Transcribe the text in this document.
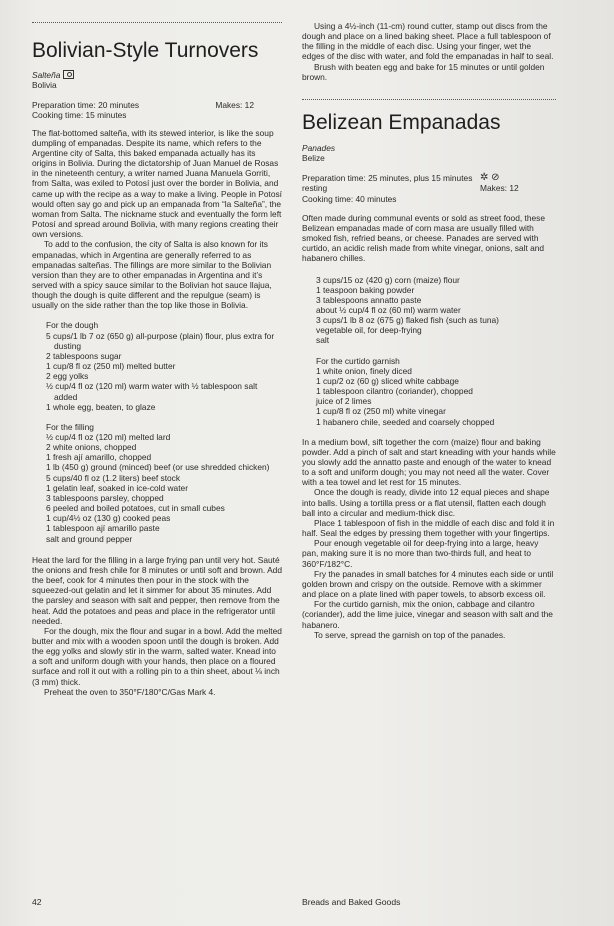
Bolivian-Style Turnovers
Salteña
Bolivia
Preparation time: 20 minutes	Makes: 12
Cooking time: 15 minutes

The flat-bottomed salteña, with its stewed interior, is like the soup dumpling of empanadas. Despite its name, which refers to the Argentine city of Salta, this baked empanada actually has its origins in Bolivia. During the dictatorship of Juan Manuel de Rosas in the nineteenth century, a writer named Juana Manuela Gorriti, from Salta, was exiled to Potosí just over the border in Bolivia, and came up with the recipe as a way to make a living. People in Potosí would often say go and pick up an empanada from “la Salteña”, the woman from Salta. The nickname stuck and eventually the form left Potosí and spread around Bolivia, with many regions creating their own versions.

To add to the confusion, the city of Salta is also known for its empanadas, which in Argentina are generally referred to as empanadas salteñas. The fillings are more similar to the Bolivian version than they are to other empanadas in Argentina and it’s served with a spicy sauce similar to the Bolivian hot sauce llajua, though the dough is quite different and the repulgue (seam) is usually on the side rather than the top like those in Bolivia.

For the dough
5 cups/1 lb 7 oz (650 g) all-purpose (plain) flour, plus extra for dusting
2 tablespoons sugar
1 cup/8 fl oz (250 ml) melted butter
2 egg yolks
½ cup/4 fl oz (120 ml) warm water with ½ tablespoon salt added
1 whole egg, beaten, to glaze
For the filling
½ cup/4 fl oz (120 ml) melted lard
2 white onions, chopped
1 fresh ají amarillo, chopped
1 lb (450 g) ground (minced) beef (or use shredded chicken)
5 cups/40 fl oz (1.2 liters) beef stock
1 gelatin leaf, soaked in ice-cold water
3 tablespoons parsley, chopped
6 peeled and boiled potatoes, cut in small cubes
1 cup/4½ oz (130 g) cooked peas
1 tablespoon ají amarillo paste
salt and ground pepper

Heat the lard for the filling in a large frying pan until very hot. Sauté the onions and fresh chile for 8 minutes or until soft and brown. Add the beef, cook for 4 minutes then pour in the stock with the squeezed-out gelatin and let it simmer for about 35 minutes. Add the parsley and season with salt and pepper, then remove from the heat. Add the potatoes and peas and place in the refrigerator until needed.

For the dough, mix the flour and sugar in a bowl. Add the melted butter and mix with a wooden spoon until the dough is broken. Add the egg yolks and slowly stir in the warm, salted water. Knead into a soft and uniform dough with your hands, then place on a floured surface and roll it out with a rolling pin to a thin sheet, about ⅛ inch (3 mm) thick.

Preheat the oven to 350°F/180°C/Gas Mark 4.

Using a 4½-inch (11-cm) round cutter, stamp out discs from the dough and place on a lined baking sheet. Place a full tablespoon of the filling in the middle of each disc. Using your finger, wet the edges of the disc with water, and fold the empanadas in half to seal.

Brush with beaten egg and bake for 15 minutes or until golden brown.

Belizean Empanadas
Panades
Belize
Preparation time: 25 minutes, plus 15 minutes resting
Cooking time: 40 minutes
✲ ⊘
Makes: 12

Often made during communal events or sold as street food, these Belizean empanadas made of corn masa are usually filled with smoked fish, refried beans, or cheese. Panades are served with curtido, an acidic relish made from white vinegar, onions, salt and habanero chilles.

3 cups/15 oz (420 g) corn (maize) flour
1 teaspoon baking powder
3 tablespoons annatto paste
about ½ cup/4 fl oz (60 ml) warm water
3 cups/1 lb 8 oz (675 g) flaked fish (such as tuna)
vegetable oil, for deep-frying
salt
For the curtido garnish
1 white onion, finely diced
1 cup/2 oz (60 g) sliced white cabbage
1 tablespoon cilantro (coriander), chopped
juice of 2 limes
1 cup/8 fl oz (250 ml) white vinegar
1 habanero chile, seeded and coarsely chopped

In a medium bowl, sift together the corn (maize) flour and baking powder. Add a pinch of salt and start kneading with your hands while you slowly add the annatto paste and enough of the water to knead to a soft and uniform dough; you may not need all the water. Cover with a tea towel and let rest for 15 minutes.

Once the dough is ready, divide into 12 equal pieces and shape into balls. Using a tortilla press or a flat utensil, flatten each dough ball into a circular and medium-thick disc.

Place 1 tablespoon of fish in the middle of each disc and fold it in half. Seal the edges by pressing them together with your fingertips.

Pour enough vegetable oil for deep-frying into a large, heavy pan, making sure it is no more than two-thirds full, and heat to 360°F/182°C.

Fry the panades in small batches for 4 minutes each side or until golden brown and crispy on the outside. Remove with a skimmer and place on a plate lined with paper towels, to absorb excess oil.

For the curtido garnish, mix the onion, cabbage and cilantro (coriander), add the lime juice, vinegar and season with salt and the habanero.

To serve, spread the garnish on top of the panades.

42	Breads and Baked Goods
